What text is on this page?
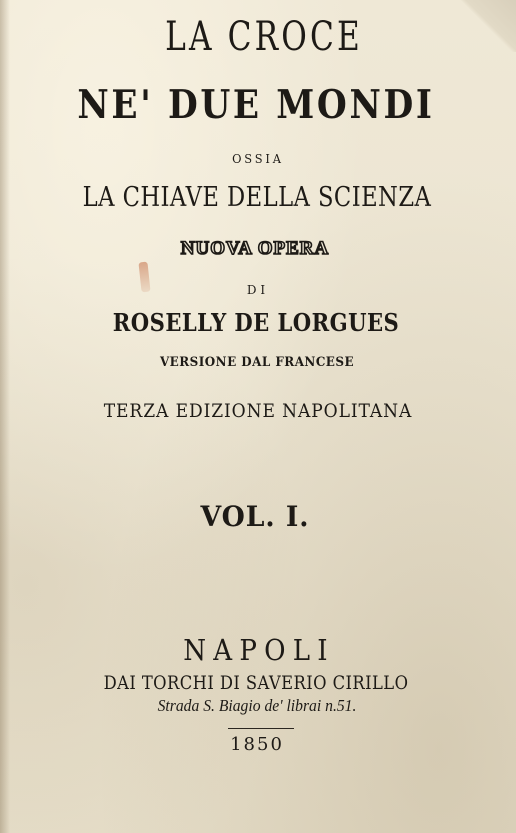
LA CROCE

NE' DUE MONDI

OSSIA

LA CHIAVE DELLA SCIENZA

NUOVA OPERA

DI

ROSELLY DE LORGUES

VERSIONE DAL FRANCESE

TERZA EDIZIONE NAPOLITANA

VOL. I.

NAPOLI

DAI TORCHI DI SAVERIO CIRILLO

Strada S. Biagio de' librai n.51.

1850
